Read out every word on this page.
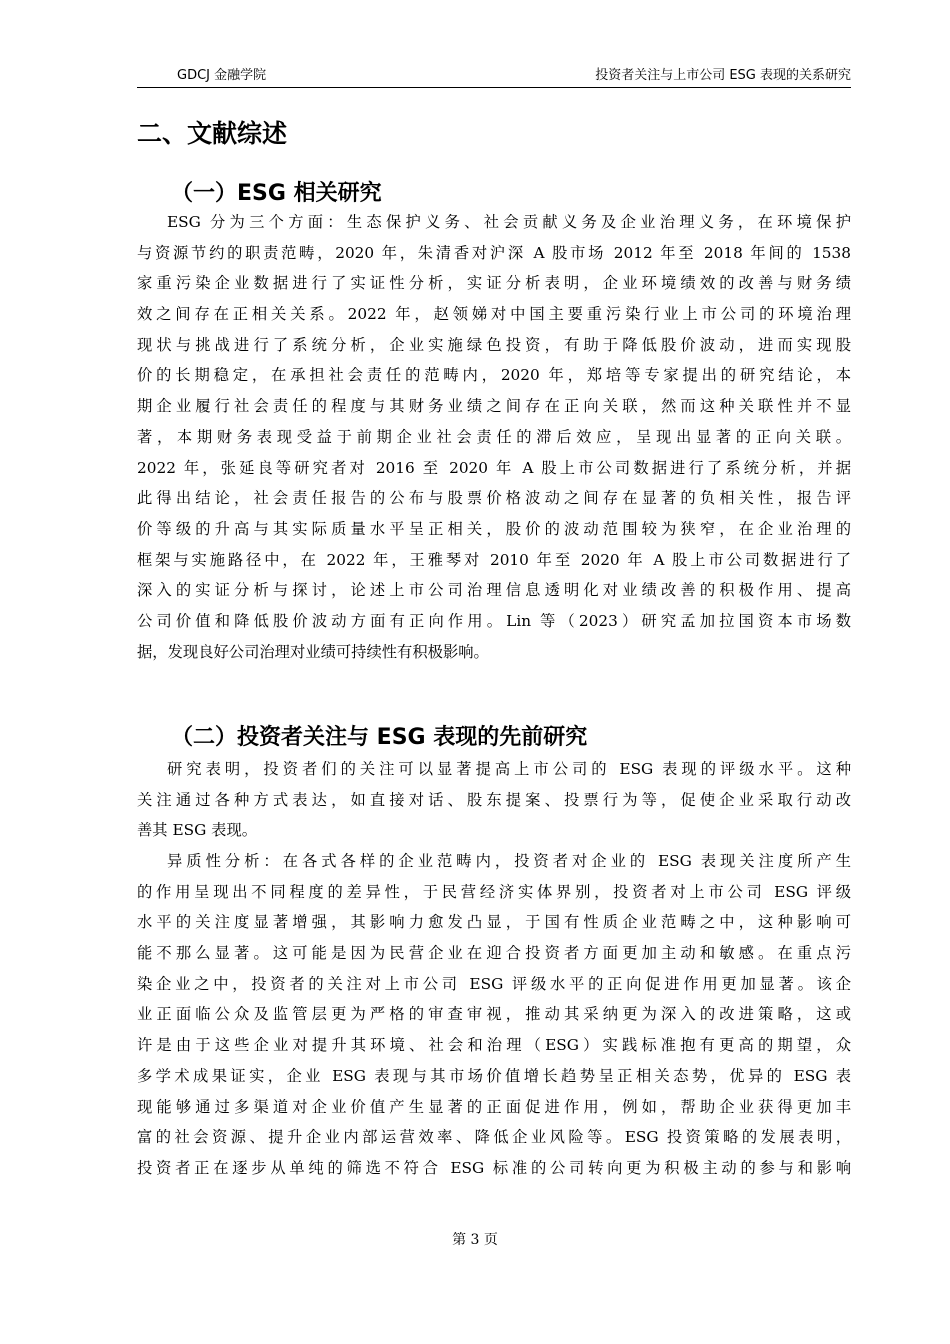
GDCJ 金融学院	投资者关注与上市公司 ESG 表现的关系研究
二、文献综述
（一）ESG 相关研究
ESG 分为三个方面：生态保护义务、社会贡献义务及企业治理义务，在环境保护
与资源节约的职责范畴，2020 年，朱清香对沪深 A 股市场 2012 年至 2018 年间的 1538
家重污染企业数据进行了实证性分析，实证分析表明，企业环境绩效的改善与财务绩
效之间存在正相关关系。2022 年，赵领娣对中国主要重污染行业上市公司的环境治理
现状与挑战进行了系统分析，企业实施绿色投资，有助于降低股价波动，进而实现股
价的长期稳定，在承担社会责任的范畴内，2020 年，郑培等专家提出的研究结论，本
期企业履行社会责任的程度与其财务业绩之间存在正向关联，然而这种关联性并不显
著，本期财务表现受益于前期企业社会责任的滞后效应，呈现出显著的正向关联。
2022 年，张延良等研究者对 2016 至 2020 年 A 股上市公司数据进行了系统分析，并据
此得出结论，社会责任报告的公布与股票价格波动之间存在显著的负相关性，报告评
价等级的升高与其实际质量水平呈正相关，股价的波动范围较为狭窄，在企业治理的
框架与实施路径中，在 2022 年，王雅琴对 2010 年至 2020 年 A 股上市公司数据进行了
深入的实证分析与探讨，论述上市公司治理信息透明化对业绩改善的积极作用、提高
公司价值和降低股价波动方面有正向作用。Lin 等（2023）研究孟加拉国资本市场数
据，发现良好公司治理对业绩可持续性有积极影响。
（二）投资者关注与 ESG 表现的先前研究
研究表明，投资者们的关注可以显著提高上市公司的 ESG 表现的评级水平。这种
关注通过各种方式表达，如直接对话、股东提案、投票行为等，促使企业采取行动改
善其 ESG 表现。
异质性分析：在各式各样的企业范畴内，投资者对企业的 ESG 表现关注度所产生
的作用呈现出不同程度的差异性，于民营经济实体界别，投资者对上市公司 ESG 评级
水平的关注度显著增强，其影响力愈发凸显，于国有性质企业范畴之中，这种影响可
能不那么显著。这可能是因为民营企业在迎合投资者方面更加主动和敏感。在重点污
染企业之中，投资者的关注对上市公司 ESG 评级水平的正向促进作用更加显著。该企
业正面临公众及监管层更为严格的审查审视，推动其采纳更为深入的改进策略，这或
许是由于这些企业对提升其环境、社会和治理（ESG）实践标准抱有更高的期望，众
多学术成果证实，企业 ESG 表现与其市场价值增长趋势呈正相关态势，优异的 ESG 表
现能够通过多渠道对企业价值产生显著的正面促进作用，例如，帮助企业获得更加丰
富的社会资源、提升企业内部运营效率、降低企业风险等。ESG 投资策略的发展表明，
投资者正在逐步从单纯的筛选不符合 ESG 标准的公司转向更为积极主动的参与和影响
第 3 页
